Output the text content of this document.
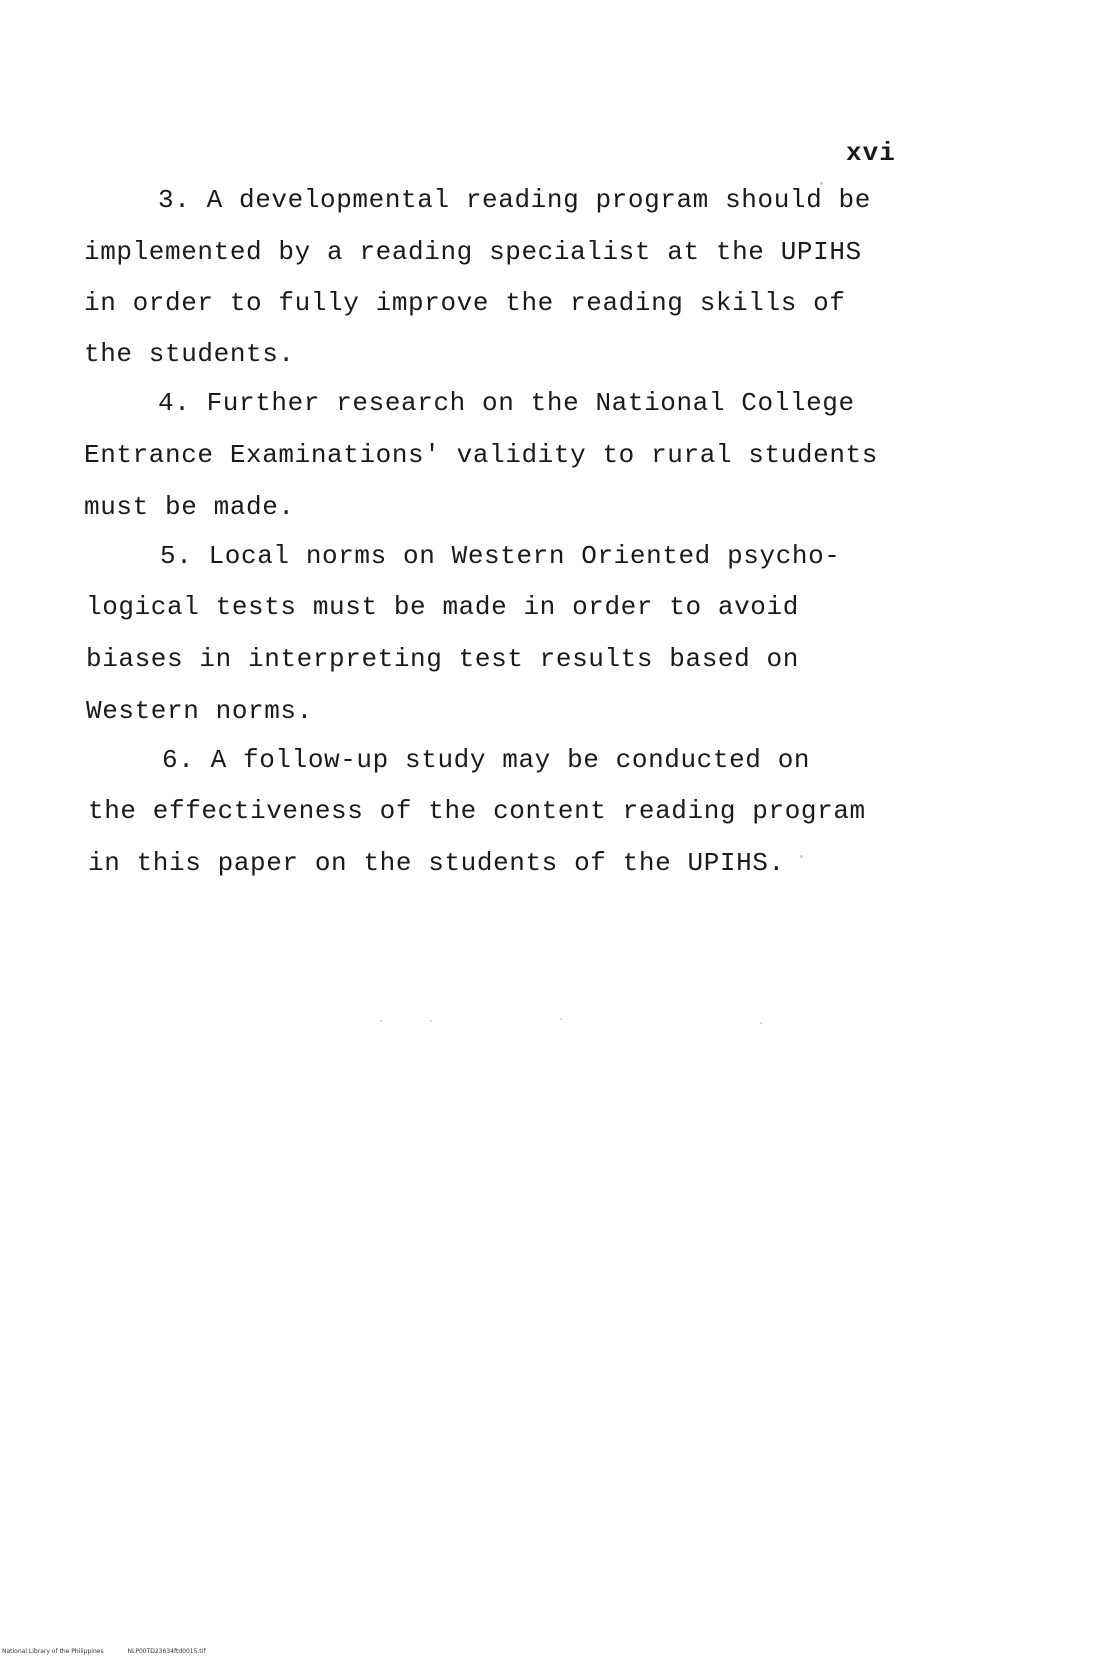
xvi
3. A developmental reading program should be
implemented by a reading specialist at the UPIHS
in order to fully improve the reading skills of
the students.
4. Further research on the National College
Entrance Examinations' validity to rural students
must be made.
5. Local norms on Western Oriented psycho-
logical tests must be made in order to avoid
biases in interpreting test results based on
Western norms.
6. A follow-up study may be conducted on
the effectiveness of the content reading program
in this paper on the students of the UPIHS.
National Library of the Philippines	NLP00TD23634ftd0015.tif
